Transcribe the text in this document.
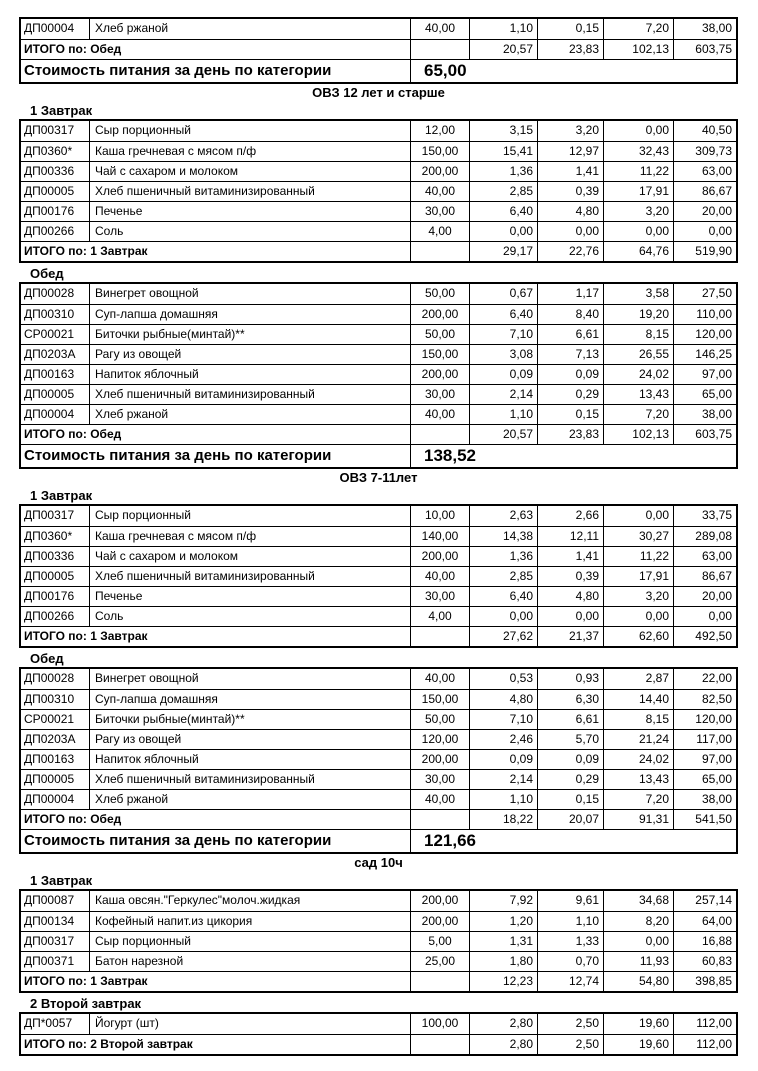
ДП00004	Хлеб ржаной	40,00	1,10	0,15	7,20	38,00
ИТОГО по: Обед	20,57	23,83	102,13	603,75
Стоимость питания за день по категории	65,00
ОВЗ 12 лет и старше
1 Завтрак
ДП00317	Сыр порционный	12,00	3,15	3,20	0,00	40,50
ДП0360*	Каша гречневая с мясом п/ф	150,00	15,41	12,97	32,43	309,73
ДП00336	Чай с сахаром и молоком	200,00	1,36	1,41	11,22	63,00
ДП00005	Хлеб пшеничный витаминизированный	40,00	2,85	0,39	17,91	86,67
ДП00176	Печенье	30,00	6,40	4,80	3,20	20,00
ДП00266	Соль	4,00	0,00	0,00	0,00	0,00
ИТОГО по: 1 Завтрак	29,17	22,76	64,76	519,90
Обед
ДП00028	Винегрет овощной	50,00	0,67	1,17	3,58	27,50
ДП00310	Суп-лапша домашняя	200,00	6,40	8,40	19,20	110,00
СР00021	Биточки рыбные(минтай)**	50,00	7,10	6,61	8,15	120,00
ДП0203А	Рагу из овощей	150,00	3,08	7,13	26,55	146,25
ДП00163	Напиток яблочный	200,00	0,09	0,09	24,02	97,00
ДП00005	Хлеб пшеничный витаминизированный	30,00	2,14	0,29	13,43	65,00
ДП00004	Хлеб ржаной	40,00	1,10	0,15	7,20	38,00
ИТОГО по: Обед	20,57	23,83	102,13	603,75
Стоимость питания за день по категории	138,52
ОВЗ 7-11лет
1 Завтрак
ДП00317	Сыр порционный	10,00	2,63	2,66	0,00	33,75
ДП0360*	Каша гречневая с мясом п/ф	140,00	14,38	12,11	30,27	289,08
ДП00336	Чай с сахаром и молоком	200,00	1,36	1,41	11,22	63,00
ДП00005	Хлеб пшеничный витаминизированный	40,00	2,85	0,39	17,91	86,67
ДП00176	Печенье	30,00	6,40	4,80	3,20	20,00
ДП00266	Соль	4,00	0,00	0,00	0,00	0,00
ИТОГО по: 1 Завтрак	27,62	21,37	62,60	492,50
Обед
ДП00028	Винегрет овощной	40,00	0,53	0,93	2,87	22,00
ДП00310	Суп-лапша домашняя	150,00	4,80	6,30	14,40	82,50
СР00021	Биточки рыбные(минтай)**	50,00	7,10	6,61	8,15	120,00
ДП0203А	Рагу из овощей	120,00	2,46	5,70	21,24	117,00
ДП00163	Напиток яблочный	200,00	0,09	0,09	24,02	97,00
ДП00005	Хлеб пшеничный витаминизированный	30,00	2,14	0,29	13,43	65,00
ДП00004	Хлеб ржаной	40,00	1,10	0,15	7,20	38,00
ИТОГО по: Обед	18,22	20,07	91,31	541,50
Стоимость питания за день по категории	121,66
сад 10ч
1 Завтрак
ДП00087	Каша овсян."Геркулес"молоч.жидкая	200,00	7,92	9,61	34,68	257,14
ДП00134	Кофейный напит.из цикория	200,00	1,20	1,10	8,20	64,00
ДП00317	Сыр порционный	5,00	1,31	1,33	0,00	16,88
ДП00371	Батон нарезной	25,00	1,80	0,70	11,93	60,83
ИТОГО по: 1 Завтрак	12,23	12,74	54,80	398,85
2 Второй завтрак
ДП*0057	Йогурт (шт)	100,00	2,80	2,50	19,60	112,00
ИТОГО по: 2 Второй завтрак	2,80	2,50	19,60	112,00
